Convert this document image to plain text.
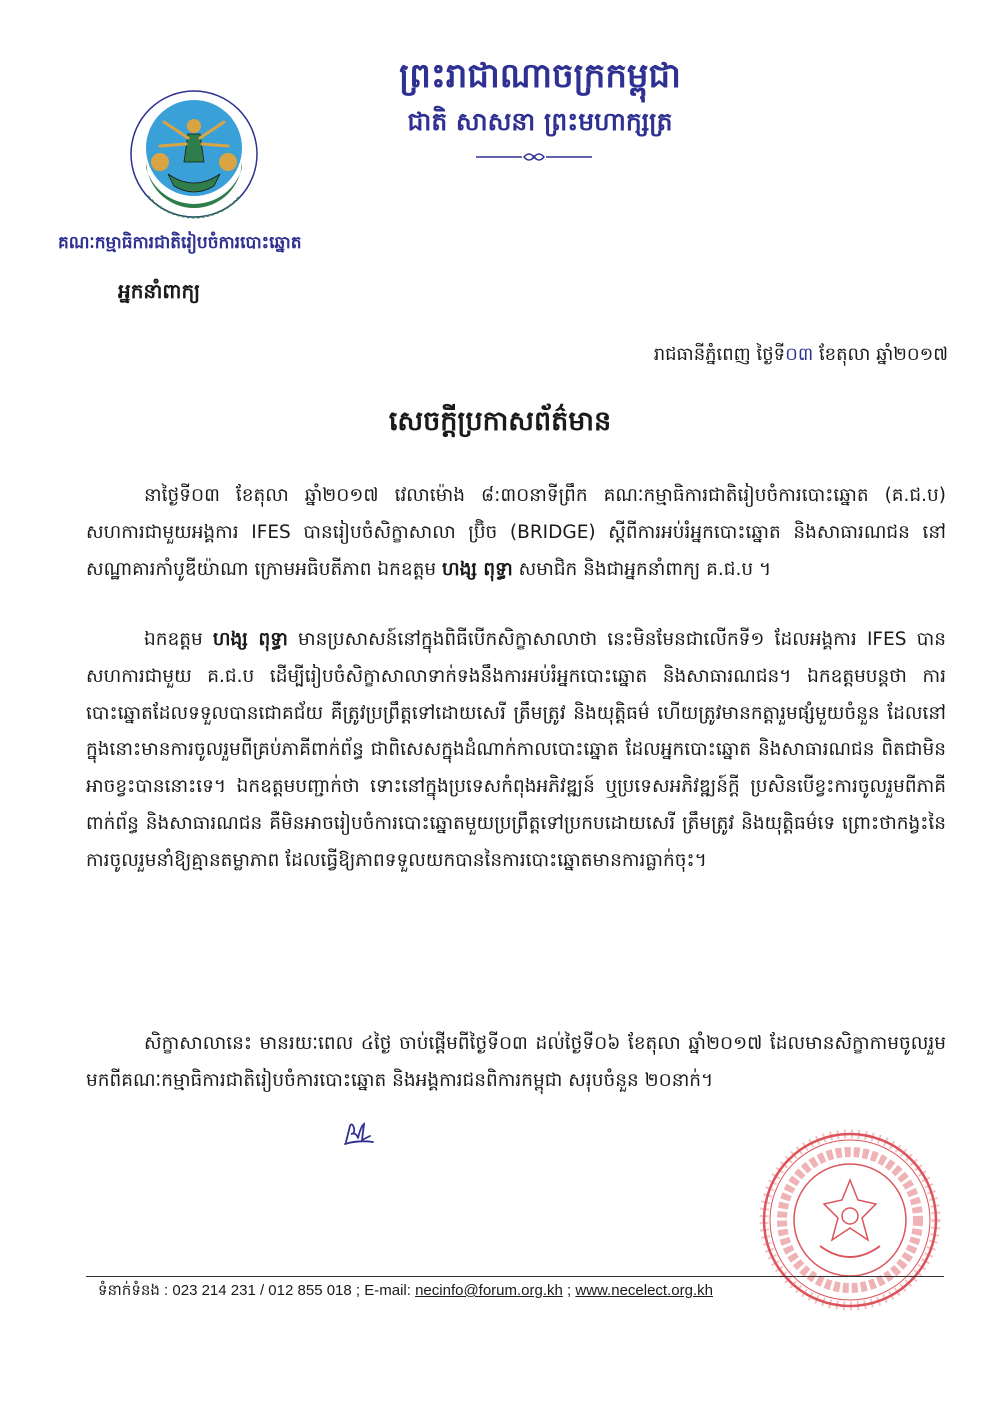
ព្រះរាជាណាចក្រកម្ពុជា
ជាតិ សាសនា ព្រះមហាក្សត្រ
គណៈកម្មាធិការជាតិរៀបចំការបោះឆ្នោត
អ្នកនាំពាក្យ
រាជធានីភ្នំពេញ ថ្ងៃទី០៣ ខែតុលា ឆ្នាំ២០១៧
សេចក្តីប្រកាសព័ត៌មាន
នាថ្ងៃទី០៣ ខែតុលា ឆ្នាំ២០១៧ វេលាម៉ោង ៨:៣០នាទីព្រឹក គណៈកម្មាធិការជាតិរៀបចំការបោះឆ្នោត (គ.ជ.ប) សហការជាមួយអង្គការ IFES បានរៀបចំសិក្ខាសាលា ប្រ៊ិច (BRIDGE) ស្តីពីការអប់រំអ្នកបោះឆ្នោត និងសាធារណជន នៅសណ្ឋាគារកាំបូឌីយ៉ាណា ក្រោមអធិបតីភាព ឯកឧត្តម ហង្ស ពុទ្ធា សមាជិក និងជាអ្នកនាំពាក្យ គ.ជ.ប ។
ឯកឧត្តម ហង្ស ពុទ្ធា មានប្រសាសន៍នៅក្នុងពិធីបើកសិក្ខាសាលាថា នេះមិនមែនជាលើកទី១ ដែលអង្គការ IFES បានសហការជាមួយ គ.ជ.ប ដើម្បីរៀបចំសិក្ខាសាលាទាក់ទងនឹងការអប់រំអ្នកបោះឆ្នោត និងសាធារណជន។ ឯកឧត្តមបន្តថា ការបោះឆ្នោតដែលទទួលបានជោគជ័យ គឺត្រូវប្រព្រឹត្តទៅដោយសេរី ត្រឹមត្រូវ និងយុត្តិធម៌ ហើយត្រូវមានកត្តារួមផ្សំមួយចំនួន ដែលនៅក្នុងនោះមានការចូលរួមពីគ្រប់ភាគីពាក់ព័ន្ធ ជាពិសេសក្នុងដំណាក់កាលបោះឆ្នោត ដែលអ្នកបោះឆ្នោត និងសាធារណជន ពិតជាមិនអាចខ្វះបាននោះទេ។ ឯកឧត្តមបញ្ជាក់ថា ទោះនៅក្នុងប្រទេសកំពុងអភិវឌ្ឍន៍ ឬប្រទេសអភិវឌ្ឍន៍ក្តី ប្រសិនបើខ្វះការចូលរួមពីភាគីពាក់ព័ន្ធ និងសាធារណជន គឺមិនអាចរៀបចំការបោះឆ្នោតមួយប្រព្រឹត្តទៅប្រកបដោយសេរី ត្រឹមត្រូវ និងយុត្តិធម៌ទេ ព្រោះថាកង្វះនៃការចូលរួមនាំឱ្យគ្មានតម្លាភាព ដែលធ្វើឱ្យភាពទទួលយកបាននៃការបោះឆ្នោតមានការធ្លាក់ចុះ។
សិក្ខាសាលានេះ មានរយៈពេល ៤ថ្ងៃ ចាប់ផ្តើមពីថ្ងៃទី០៣ ដល់ថ្ងៃទី០៦ ខែតុលា ឆ្នាំ២០១៧ ដែលមានសិក្ខាកាមចូលរួមមកពីគណៈកម្មាធិការជាតិរៀបចំការបោះឆ្នោត និងអង្គការជនពិការកម្ពុជា សរុបចំនួន ២០នាក់។
ទំនាក់ទំនង : 023 214 231 / 012 855 018 ; E-mail: necinfo@forum.org.kh ; www.necelect.org.kh
